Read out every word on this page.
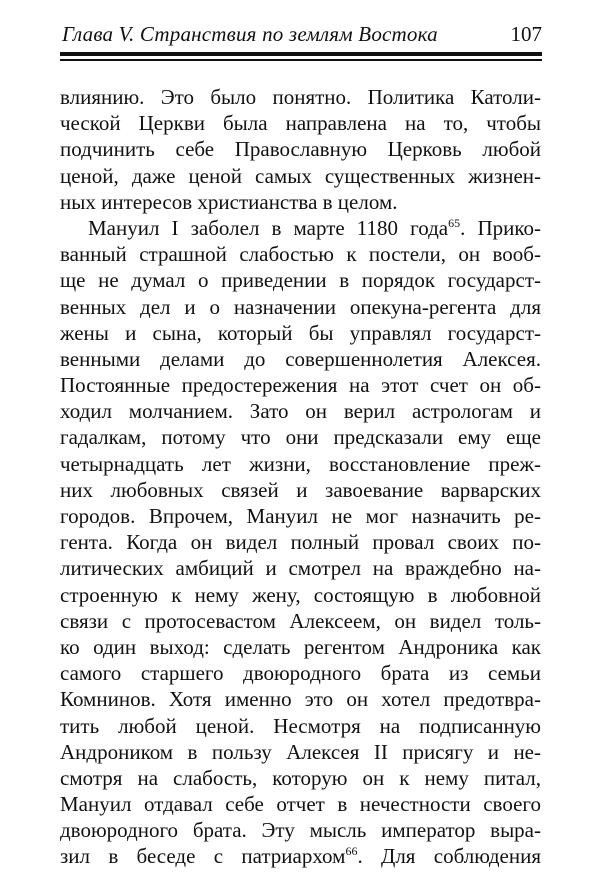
Глава V. Странствия по землям Востока	107
влиянию. Это было понятно. Политика Католи-
ческой Церкви была направлена на то, чтобы
подчинить себе Православную Церковь любой
ценой, даже ценой самых существенных жизнен-
ных интересов христианства в целом.
Мануил I заболел в марте 1180 года$^{65}$. Прико-
ванный страшной слабостью к постели, он вооб-
ще не думал о приведении в порядок государст-
венных дел и о назначении опекуна-регента для
жены и сына, который бы управлял государст-
венными делами до совершеннолетия Алексея.
Постоянные предостережения на этот счет он об-
ходил молчанием. Зато он верил астрологам и
гадалкам, потому что они предсказали ему еще
четырнадцать лет жизни, восстановление преж-
них любовных связей и завоевание варварских
городов. Впрочем, Мануил не мог назначить ре-
гента. Когда он видел полный провал своих по-
литических амбиций и смотрел на враждебно на-
строенную к нему жену, состоящую в любовной
связи с протосевастом Алексеем, он видел толь-
ко один выход: сделать регентом Андроника как
самого старшего двоюродного брата из семьи
Комнинов. Хотя именно это он хотел предотвра-
тить любой ценой. Несмотря на подписанную
Андроником в пользу Алексея II присягу и не-
смотря на слабость, которую он к нему питал,
Мануил отдавал себе отчет в нечестности своего
двоюродного брата. Эту мысль император выра-
зил в беседе с патриархом$^{66}$. Для соблюдения
